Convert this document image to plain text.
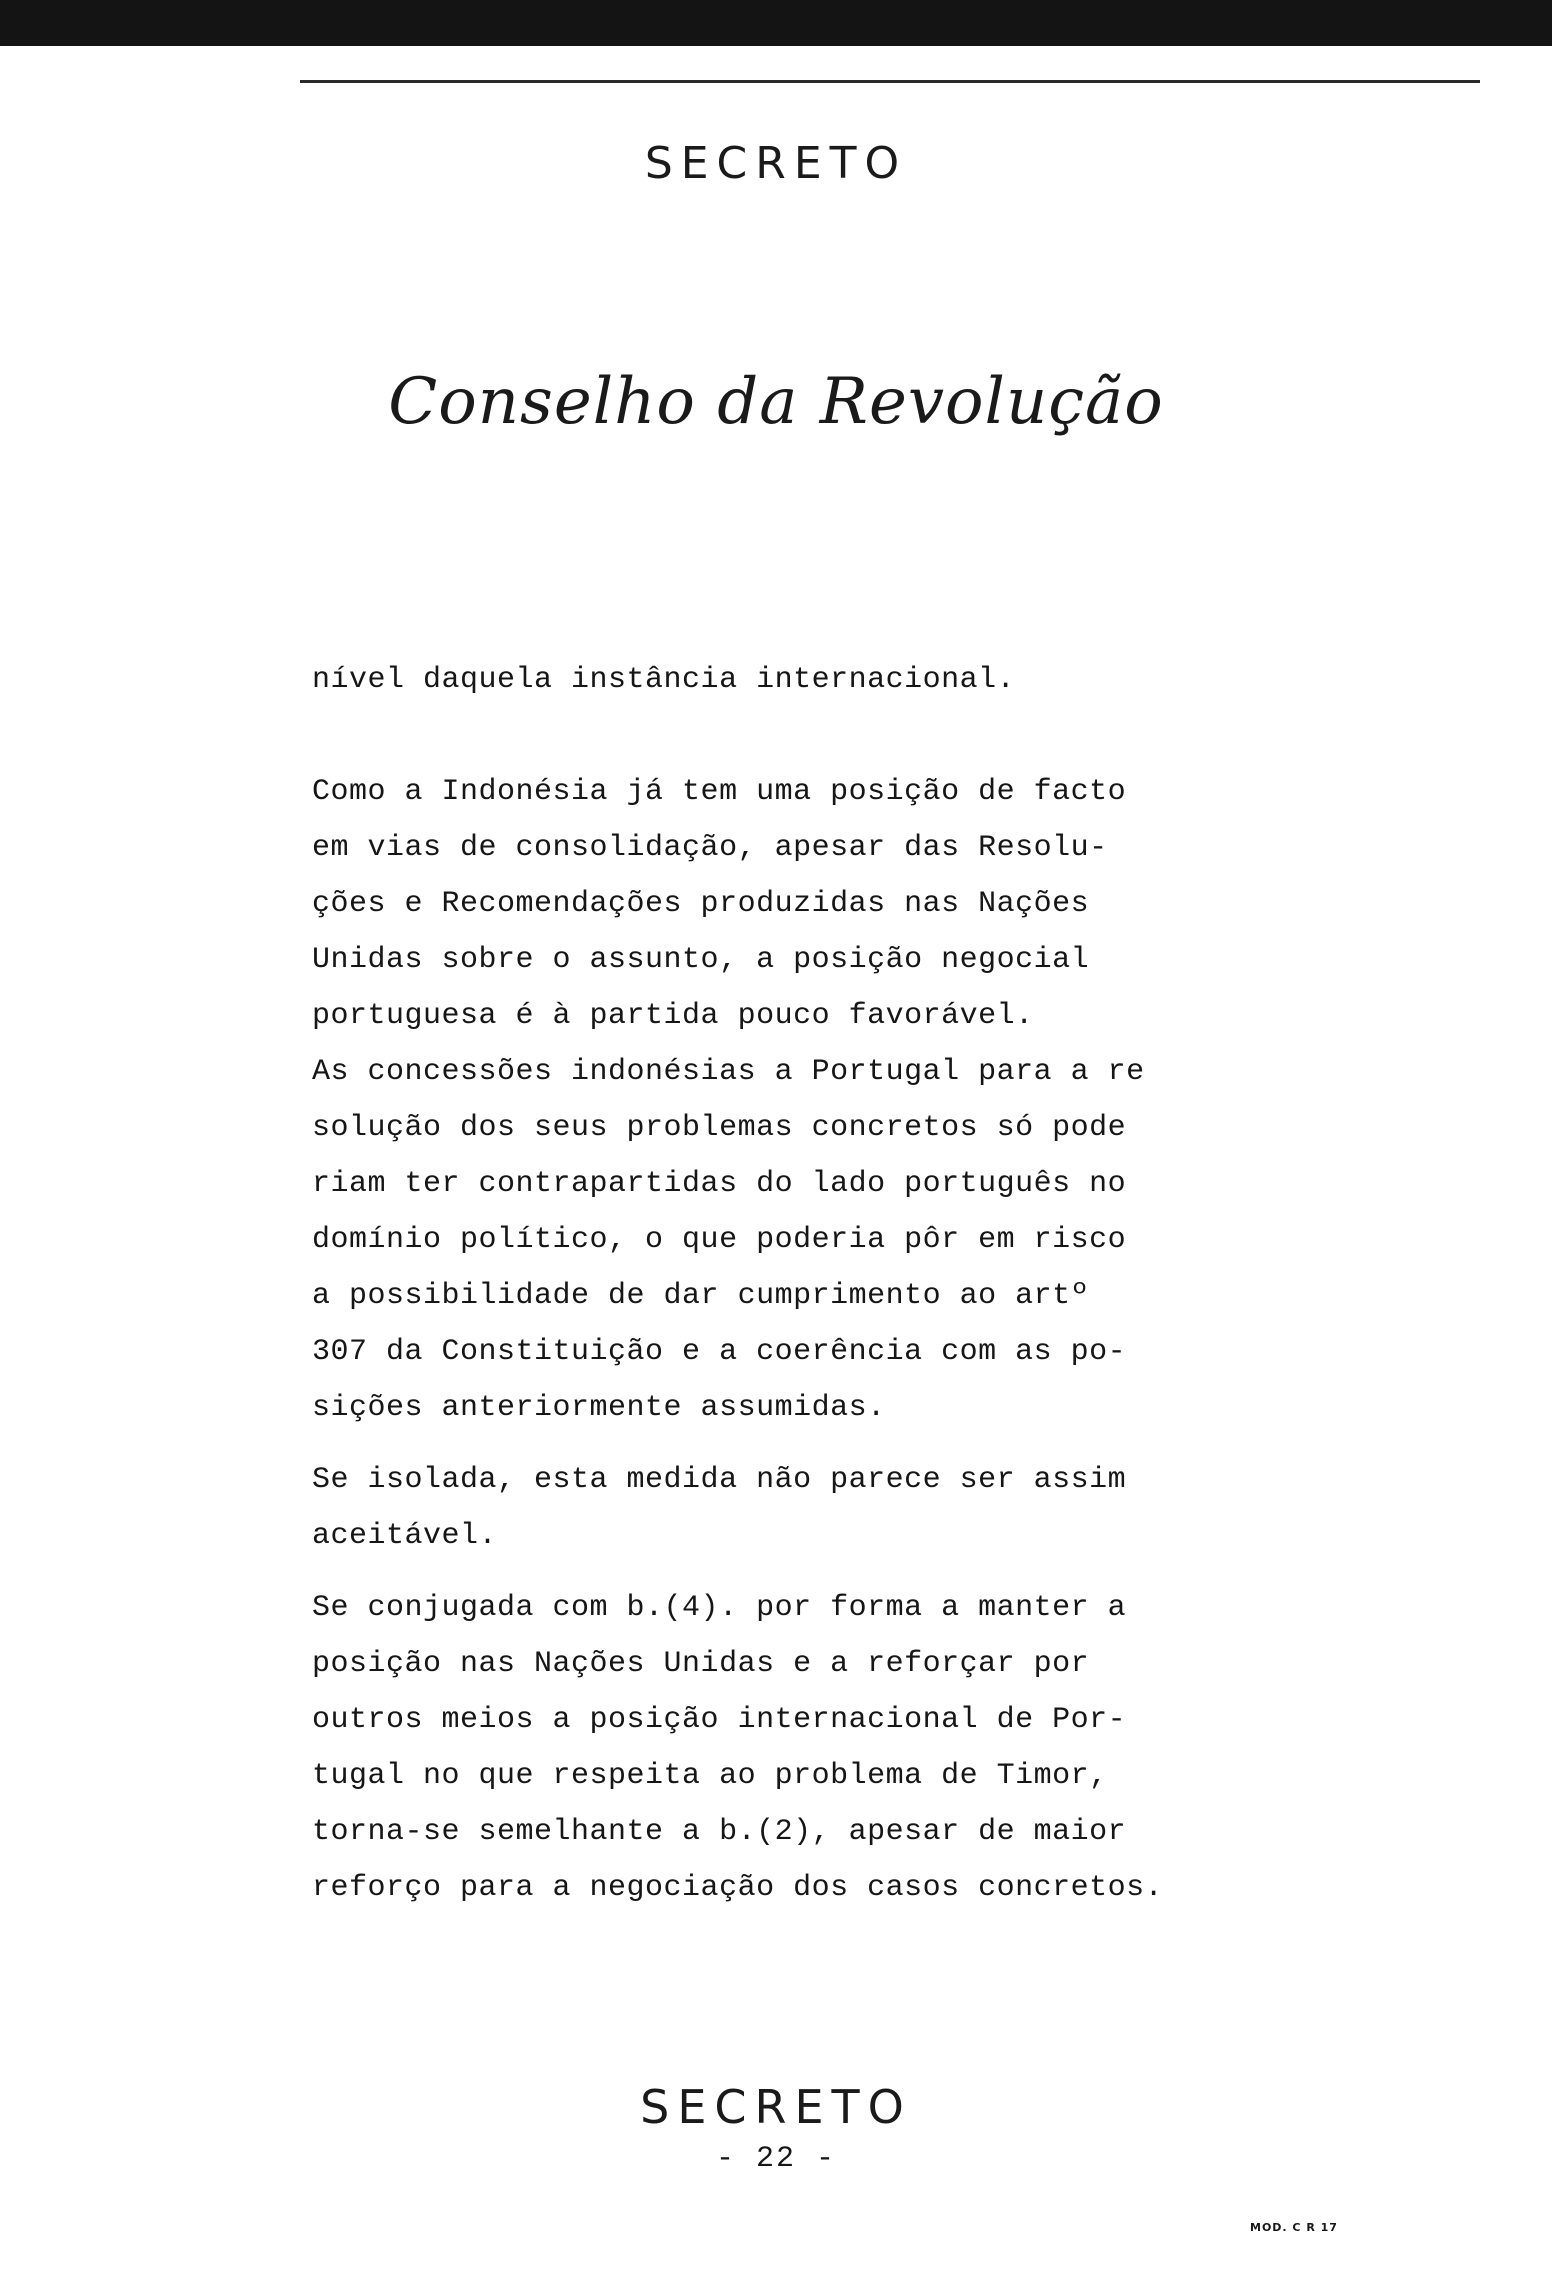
SECRETO
Conselho da Revolução
nível daquela instância internacional.
Como a Indonésia já tem uma posição de facto
em vias de consolidação, apesar das Resolu-
ções e Recomendações produzidas nas Nações
Unidas sobre o assunto, a posição negocial
portuguesa é à partida pouco favorável.
As concessões indonésias a Portugal para a re
solução dos seus problemas concretos só pode
riam ter contrapartidas do lado português no
domínio político, o que poderia pôr em risco
a possibilidade de dar cumprimento ao artº
307 da Constituição e a coerência com as po-
sições anteriormente assumidas.
Se isolada, esta medida não parece ser assim
aceitável.
Se conjugada com b.(4). por forma a manter a
posição nas Nações Unidas e a reforçar por
outros meios a posição internacional de Por-
tugal no que respeita ao problema de Timor,
torna-se semelhante a b.(2), apesar de maior
reforço para a negociação dos casos concretos.
SECRETO
- 22 -
MOD. C R 17
